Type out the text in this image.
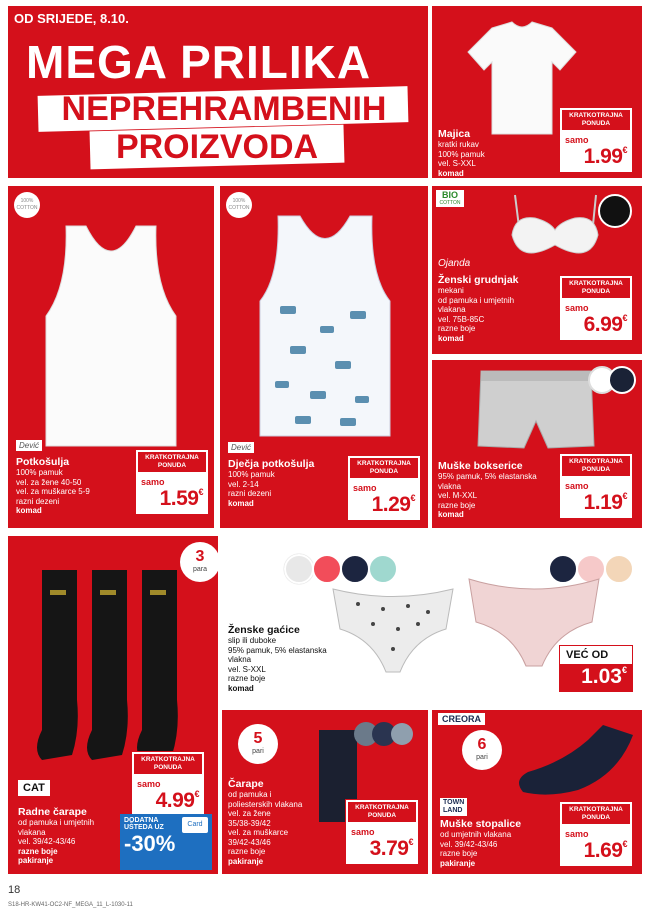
OD SRIJEDE, 8.10.
MEGA PRILIKA
NEPREHRAMBENIH
PROIZVODA	Majica
kratki rukav
100% pamuk
vel. S-XXL
komad
KRATKOTRAJNA PONUDA
samo
1.99€
100% COTTON
Dević
Potkošulja
100% pamuk
vel. za žene 40-50
vel. za muškarce 5-9
razni dezeni
komad
KRATKOTRAJNA PONUDA
samo
1.59€
100% COTTON
Dević
Dječja potkošulja
100% pamuk
vel. 2-14
razni dezeni
komad
KRATKOTRAJNA PONUDA
samo
1.29€
BIO
COTTON
Ojanda
Ženski grudnjak
mekani
od pamuka i umjetnih
vlakana
vel. 75B-85C
razne boje
komad
KRATKOTRAJNA PONUDA
samo
6.99€
Muške bokserice
95% pamuk, 5% elastanska
vlakna
vel. M-XXL
razne boje
komad
KRATKOTRAJNA PONUDA
samo
1.19€
3
para
CAT
Radne čarape
od pamuka i umjetnih
vlakana
vel. 39/42-43/46
razne boje
pakiranje
KRATKOTRAJNA PONUDA
samo
4.99€
DODATNA
UŠTEDA UZ	Card
-30%
Ženske gaćice
slip ili duboke
95% pamuk, 5% elastanska
vlakna
vel. S-XXL
razne boje
komad
VEĆ OD
1.03€
5
pari
Čarape
od pamuka i
poliesterskih vlakana
vel. za žene
35/38-39/42
vel. za muškarce
39/42-43/46
razne boje
pakiranje
KRATKOTRAJNA PONUDA
samo
3.79€
CREORA
6
pari
TOWN
LAND
Muške stopalice
od umjetnih vlakana
vel. 39/42-43/46
razne boje
pakiranje
KRATKOTRAJNA PONUDA
samo
1.69€
18
S18-HR-KW41-OC2-NF_MEGA_11_L-1030-11
